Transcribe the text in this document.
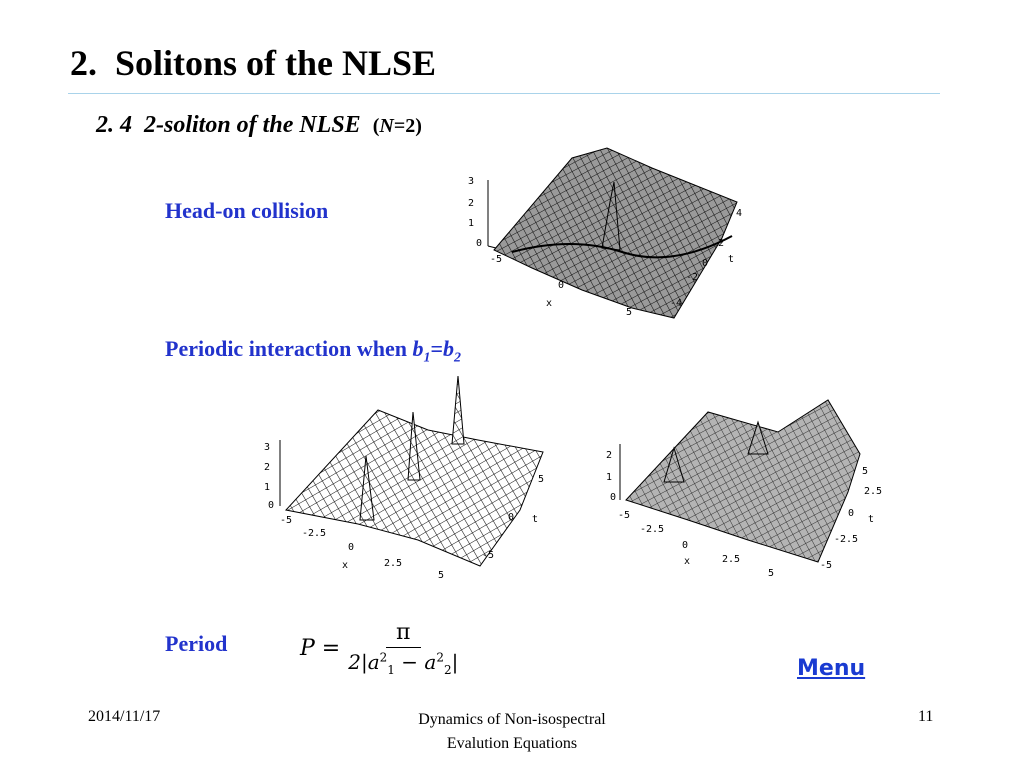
2.  Solitons of the NLSE
2. 4  2-soliton of the NLSE (N=2)
Head-on collision
Periodic interaction when $b_1=b_2$
3
2
1
0
-5
0
5
x
4
2
0
-2
-4
t
3
2
1
0
-5
-2.5
0
2.5
5
x
5
0
-5
t
2
1
0
-5
-2.5
0
2.5
5
x
5
2.5
0
-2.5
-5
t
Period	$P = \frac{\pi}{2|a^2_1 - a^2_2|}$	Menu
2014/11/17	Dynamics of Non-isospectral
Evalution Equations
11
